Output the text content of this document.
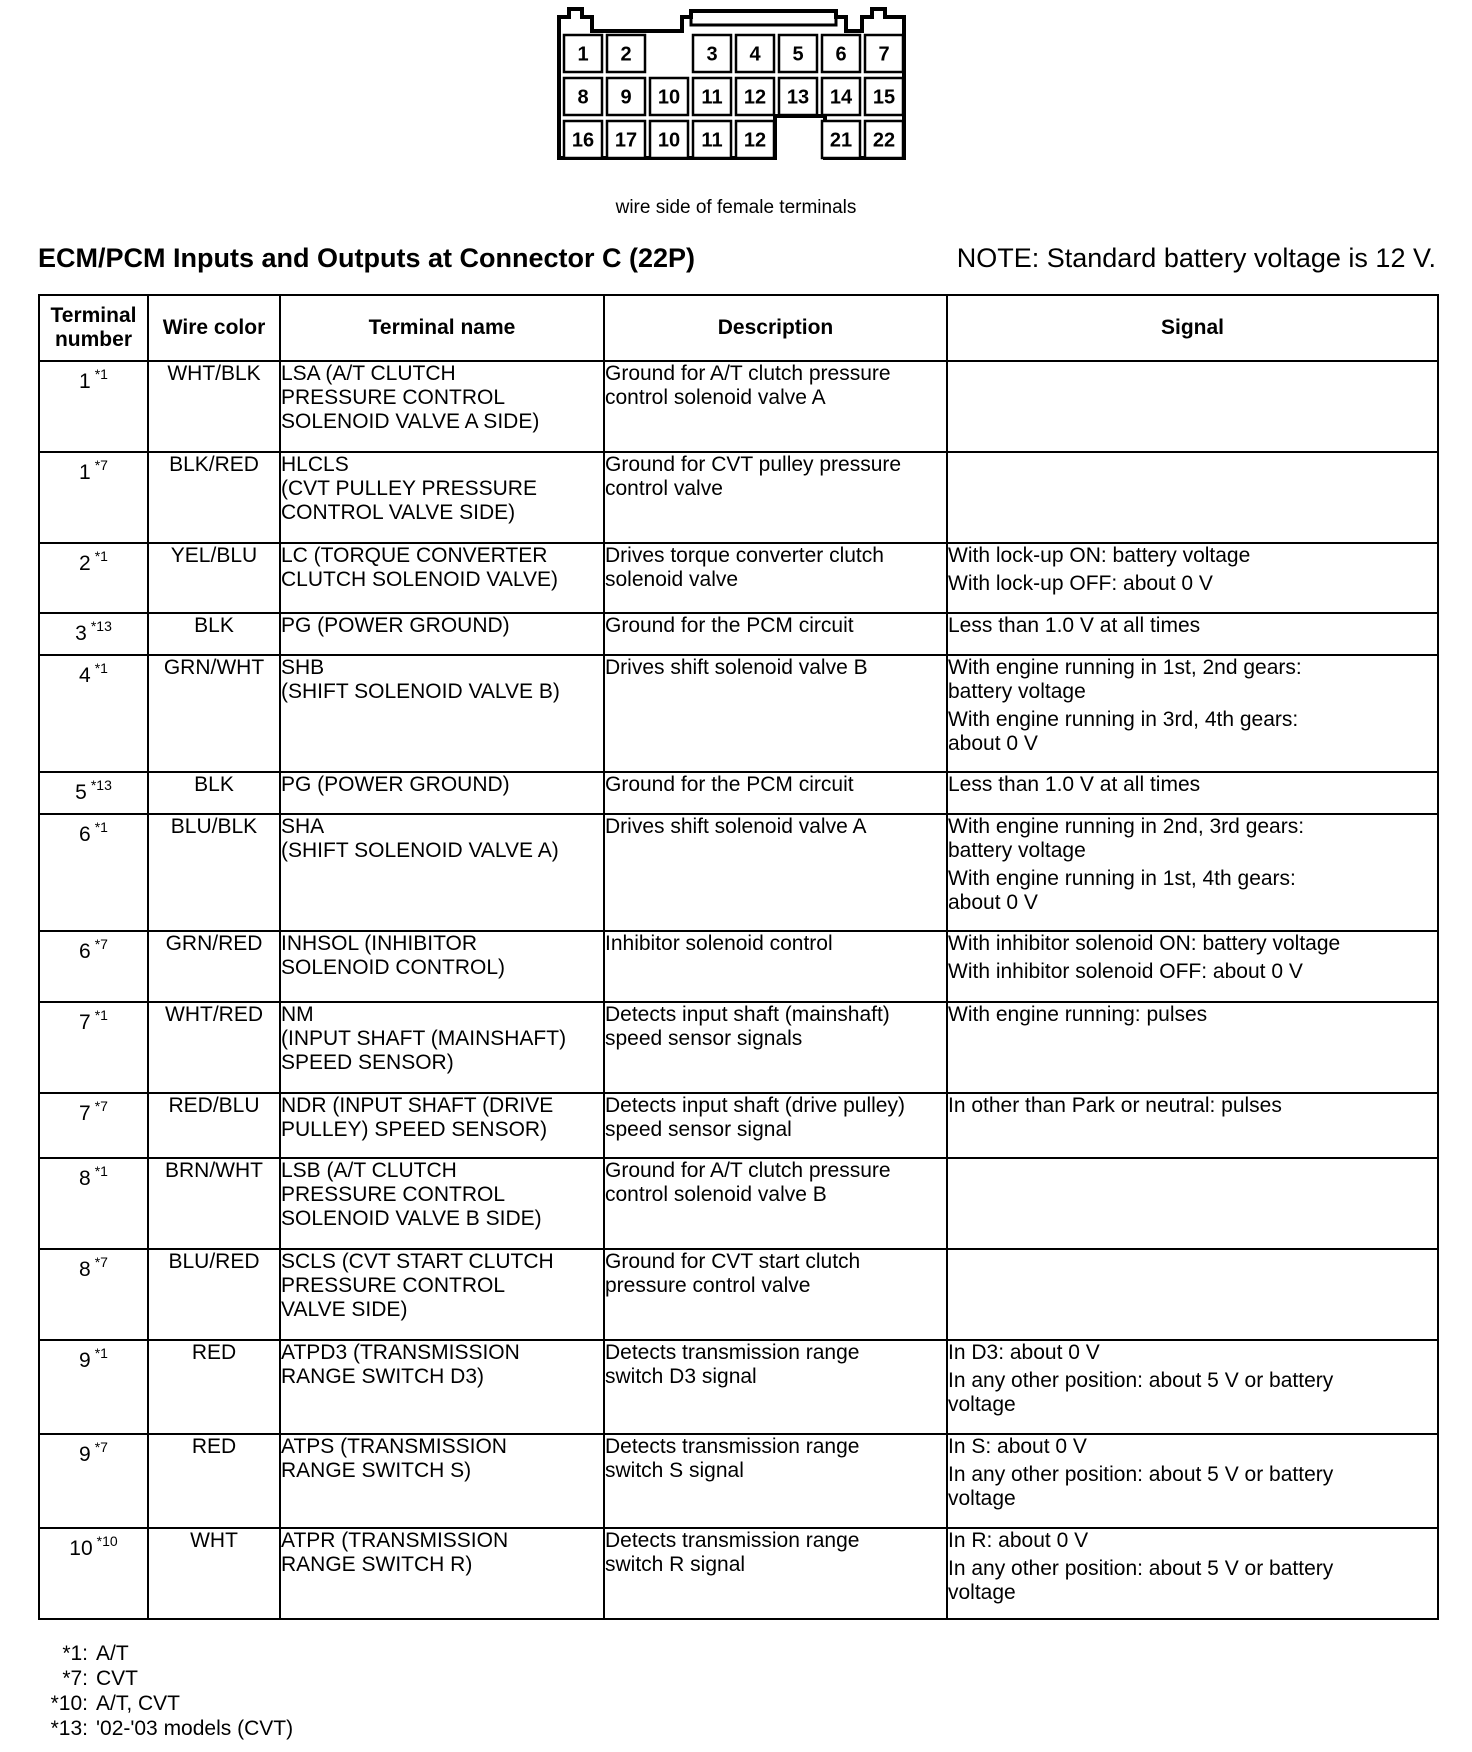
1 2	3 4 5 6 7
8 9 10 11 12 13 14 15
16 17 10 11 12	21 22
wire side of female terminals
ECM/PCM Inputs and Outputs at Connector C (22P)	NOTE: Standard battery voltage is 12 V.
Terminal
number	Wire color	Terminal name	Description	Signal
1 $^{*1}$	WHT/BLK	LSA (A/T CLUTCH
PRESSURE CONTROL
SOLENOID VALVE A SIDE)	Ground for A/T clutch pressure
control solenoid valve A	

1 $^{*7}$	BLK/RED	HLCLS
(CVT PULLEY PRESSURE
CONTROL VALVE SIDE)	Ground for CVT pulley pressure
control valve	

2 $^{*1}$	YEL/BLU	LC (TORQUE CONVERTER
CLUTCH SOLENOID VALVE)	Drives torque converter clutch
solenoid valve	With lock-up ON: battery voltage
With lock-up OFF: about 0 V

3 $^{*13}$	BLK	PG (POWER GROUND)	Ground for the PCM circuit	Less than 1.0 V at all times

4 $^{*1}$	GRN/WHT	SHB
(SHIFT SOLENOID VALVE B)	Drives shift solenoid valve B	With engine running in 1st, 2nd gears:
battery voltage
With engine running in 3rd, 4th gears:
about 0 V

5 $^{*13}$	BLK	PG (POWER GROUND)	Ground for the PCM circuit	Less than 1.0 V at all times

6 $^{*1}$	BLU/BLK	SHA
(SHIFT SOLENOID VALVE A)	Drives shift solenoid valve A	With engine running in 2nd, 3rd gears:
battery voltage
With engine running in 1st, 4th gears:
about 0 V

6 $^{*7}$	GRN/RED	INHSOL (INHIBITOR
SOLENOID CONTROL)	Inhibitor solenoid control	With inhibitor solenoid ON: battery voltage
With inhibitor solenoid OFF: about 0 V

7 $^{*1}$	WHT/RED	NM
(INPUT SHAFT (MAINSHAFT)
SPEED SENSOR)	Detects input shaft (mainshaft)
speed sensor signals	With engine running: pulses

7 $^{*7}$	RED/BLU	NDR (INPUT SHAFT (DRIVE
PULLEY) SPEED SENSOR)	Detects input shaft (drive pulley)
speed sensor signal	In other than Park or neutral: pulses

8 $^{*1}$	BRN/WHT	LSB (A/T CLUTCH
PRESSURE CONTROL
SOLENOID VALVE B SIDE)	Ground for A/T clutch pressure
control solenoid valve B	

8 $^{*7}$	BLU/RED	SCLS (CVT START CLUTCH
PRESSURE CONTROL
VALVE SIDE)	Ground for CVT start clutch
pressure control valve	

9 $^{*1}$	RED	ATPD3 (TRANSMISSION
RANGE SWITCH D3)	Detects transmission range
switch D3 signal	In D3: about 0 V
In any other position: about 5 V or battery
voltage

9 $^{*7}$	RED	ATPS (TRANSMISSION
RANGE SWITCH S)	Detects transmission range
switch S signal	In S: about 0 V
In any other position: about 5 V or battery
voltage

10 $^{*10}$	WHT	ATPR (TRANSMISSION
RANGE SWITCH R)	Detects transmission range
switch R signal	In R: about 0 V
In any other position: about 5 V or battery
voltage
*1: A/T
*7: CVT
*10: A/T, CVT
*13: '02-'03 models (CVT)
